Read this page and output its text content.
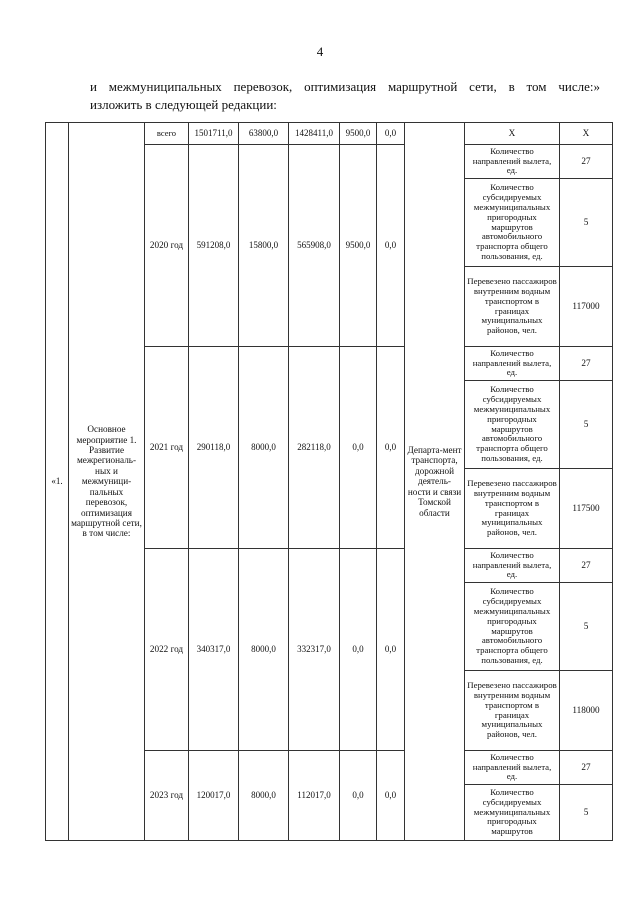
4
и межмуниципальных перевозок, оптимизация маршрутной сети, в том числе:»
изложить в следующей редакции:
«1.	Основное мероприятие 1. Развитие межрегиональ-ных и межмуници-пальных перевозок, оптимизация маршрутной сети, в том числе:	всего	1501711,0	63800,0	1428411,0	9500,0	0,0	Департа-мент транспорта, дорожной деятель-ности и связи Томской области	Х	Х
		2020 год	591208,0	15800,0	565908,0	9500,0	0,0		Количество направлений вылета, ед.	27
									Количество субсидируемых межмуниципальных пригородных маршрутов автомобильного транспорта общего пользования, ед.	5
									Перевезено пассажиров внутренним водным транспортом в границах муниципальных районов, чел.	117000
		2021 год	290118,0	8000,0	282118,0	0,0	0,0		Количество направлений вылета, ед.	27
									Количество субсидируемых межмуниципальных пригородных маршрутов автомобильного транспорта общего пользования, ед.	5
									Перевезено пассажиров внутренним водным транспортом в границах муниципальных районов, чел.	117500
		2022 год	340317,0	8000,0	332317,0	0,0	0,0		Количество направлений вылета, ед.	27
									Количество субсидируемых межмуниципальных пригородных маршрутов автомобильного транспорта общего пользования, ед.	5
									Перевезено пассажиров внутренним водным транспортом в границах муниципальных районов, чел.	118000
		2023 год	120017,0	8000,0	112017,0	0,0	0,0		Количество направлений вылета, ед.	27
									Количество субсидируемых межмуниципальных пригородных маршрутов	5
